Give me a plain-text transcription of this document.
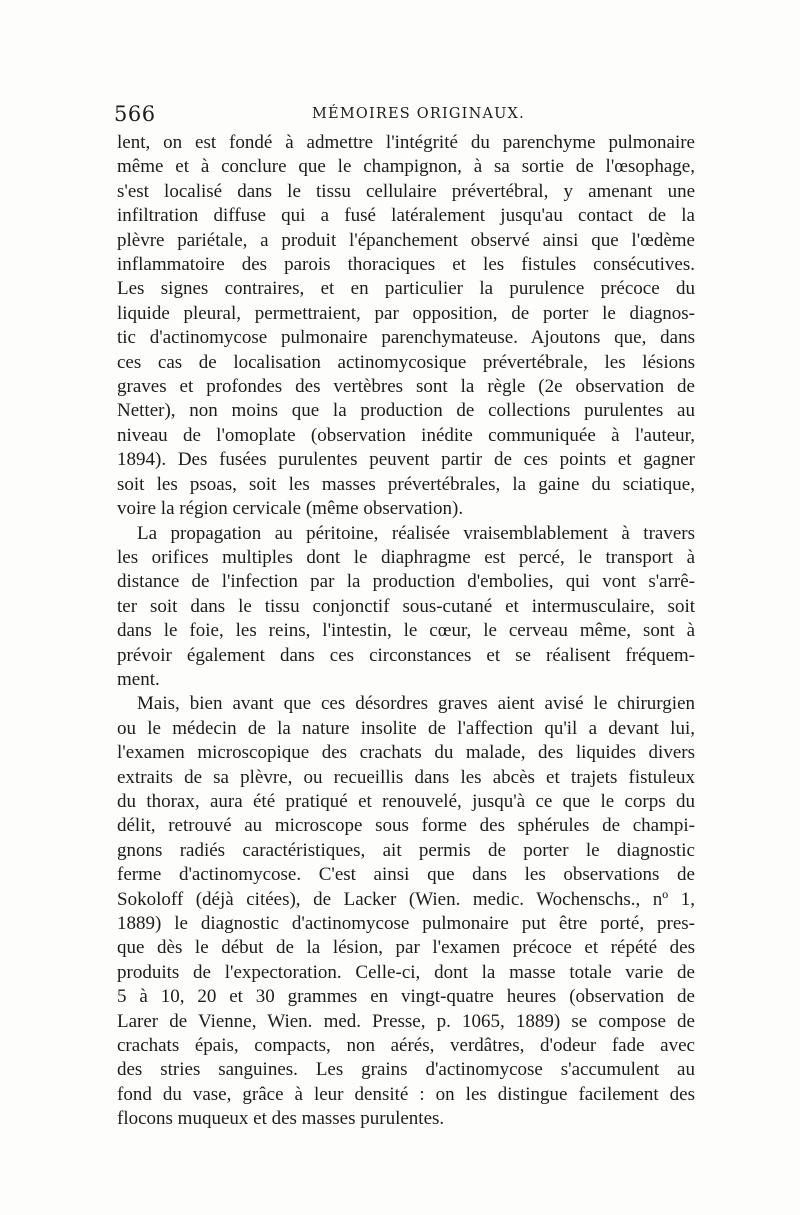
566	MÉMOIRES ORIGINAUX.
lent, on est fondé à admettre l'intégrité du parenchyme pulmonaire
même et à conclure que le champignon, à sa sortie de l'œsophage,
s'est localisé dans le tissu cellulaire prévertébral, y amenant une
infiltration diffuse qui a fusé latéralement jusqu'au contact de la
plèvre pariétale, a produit l'épanchement observé ainsi que l'œdème
inflammatoire des parois thoraciques et les fistules consécutives.
Les signes contraires, et en particulier la purulence précoce du
liquide pleural, permettraient, par opposition, de porter le diagnos-
tic d'actinomycose pulmonaire parenchymateuse. Ajoutons que, dans
ces cas de localisation actinomycosique prévertébrale, les lésions
graves et profondes des vertèbres sont la règle (2e observation de
Netter), non moins que la production de collections purulentes au
niveau de l'omoplate (observation inédite communiquée à l'auteur,
1894). Des fusées purulentes peuvent partir de ces points et gagner
soit les psoas, soit les masses prévertébrales, la gaine du sciatique,
voire la région cervicale (même observation).
La propagation au péritoine, réalisée vraisemblablement à travers
les orifices multiples dont le diaphragme est percé, le transport à
distance de l'infection par la production d'embolies, qui vont s'arrê-
ter soit dans le tissu conjonctif sous-cutané et intermusculaire, soit
dans le foie, les reins, l'intestin, le cœur, le cerveau même, sont à
prévoir également dans ces circonstances et se réalisent fréquem-
ment.
Mais, bien avant que ces désordres graves aient avisé le chirurgien
ou le médecin de la nature insolite de l'affection qu'il a devant lui,
l'examen microscopique des crachats du malade, des liquides divers
extraits de sa plèvre, ou recueillis dans les abcès et trajets fistuleux
du thorax, aura été pratiqué et renouvelé, jusqu'à ce que le corps du
délit, retrouvé au microscope sous forme des sphérules de champi-
gnons radiés caractéristiques, ait permis de porter le diagnostic
ferme d'actinomycose. C'est ainsi que dans les observations de
Sokoloff (déjà citées), de Lacker (Wien. medic. Wochenschs., nº 1,
1889) le diagnostic d'actinomycose pulmonaire put être porté, pres-
que dès le début de la lésion, par l'examen précoce et répété des
produits de l'expectoration. Celle-ci, dont la masse totale varie de
5 à 10, 20 et 30 grammes en vingt-quatre heures (observation de
Larer de Vienne, Wien. med. Presse, p. 1065, 1889) se compose de
crachats épais, compacts, non aérés, verdâtres, d'odeur fade avec
des stries sanguines. Les grains d'actinomycose s'accumulent au
fond du vase, grâce à leur densité : on les distingue facilement des
flocons muqueux et des masses purulentes.
